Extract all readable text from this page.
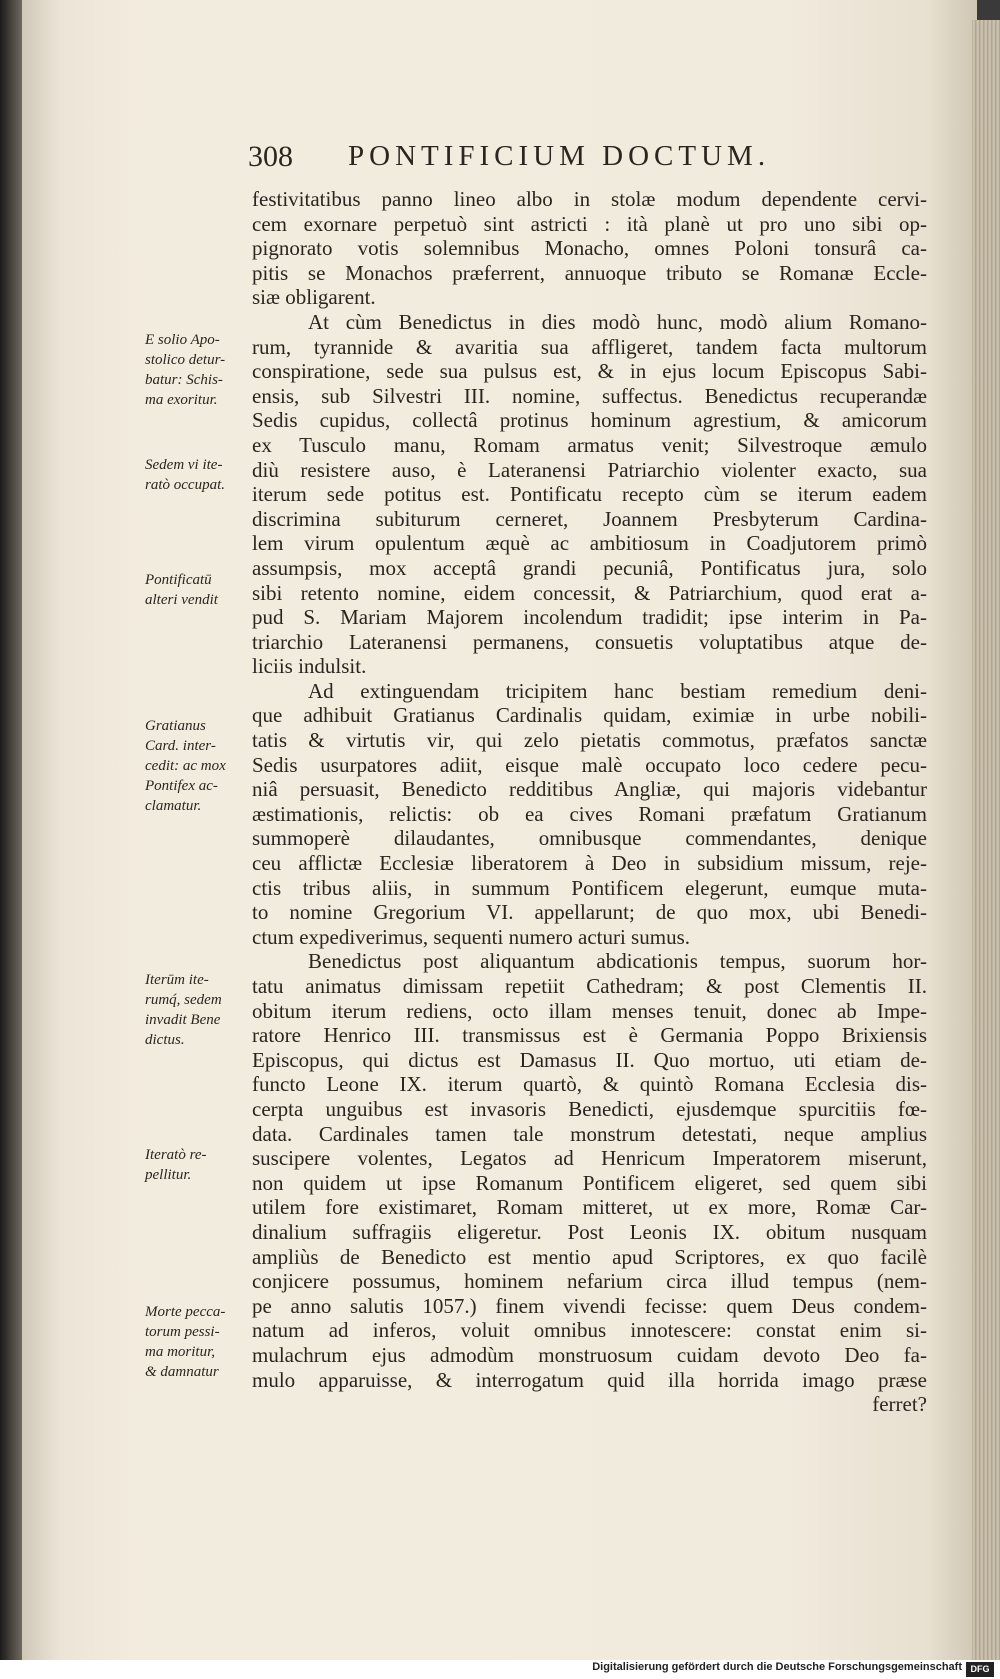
308 PONTIFICIUM DOCTUM.
E solio Apo-
stolico detur-
batur: Schis-
ma exoritur.
Sedem vi ite-
ratò occupat.
Pontificatū
alteri vendit
Gratianus
Card. inter-
cedit: ac mox
Pontifex ac-
clamatur.
Iterūm ite-
rumq́, sedem
invadit Bene
dictus.
Iteratò re-
pellitur.
Morte pecca-
torum pessi-
ma moritur,
& damnatur
festivitatibus panno lineo albo in stolæ modum dependente cervi-
cem exornare perpetuò sint astricti : ità planè ut pro uno sibi op-
pignorato votis solemnibus Monacho, omnes Poloni tonsurâ ca-
pitis se Monachos præferrent, annuoque tributo se Romanæ Eccle-
siæ obligarent.
At cùm Benedictus in dies modò hunc, modò alium Romano-
rum, tyrannide & avaritia sua affligeret, tandem facta multorum
conspiratione, sede sua pulsus est, & in ejus locum Episcopus Sabi-
ensis, sub Silvestri III. nomine, suffectus. Benedictus recuperandæ
Sedis cupidus, collectâ protinus hominum agrestium, & amicorum
ex Tusculo manu, Romam armatus venit; Silvestroque æmulo
diù resistere auso, è Lateranensi Patriarchio violenter exacto, sua
iterum sede potitus est. Pontificatu recepto cùm se iterum eadem
discrimina subiturum cerneret, Joannem Presbyterum Cardina-
lem virum opulentum æquè ac ambitiosum in Coadjutorem primò
assumpsis, mox acceptâ grandi pecuniâ, Pontificatus jura, solo
sibi retento nomine, eidem concessit, & Patriarchium, quod erat a-
pud S. Mariam Majorem incolendum tradidit; ipse interim in Pa-
triarchio Lateranensi permanens, consuetis voluptatibus atque de-
liciis indulsit.
Ad extinguendam tricipitem hanc bestiam remedium deni-
que adhibuit Gratianus Cardinalis quidam, eximiæ in urbe nobili-
tatis & virtutis vir, qui zelo pietatis commotus, præfatos sanctæ
Sedis usurpatores adiit, eisque malè occupato loco cedere pecu-
niâ persuasit, Benedicto redditibus Angliæ, qui majoris videbantur
æstimationis, relictis: ob ea cives Romani præfatum Gratianum
summoperè dilaudantes, omnibusque commendantes, denique
ceu afflictæ Ecclesiæ liberatorem à Deo in subsidium missum, reje-
ctis tribus aliis, in summum Pontificem elegerunt, eumque muta-
to nomine Gregorium VI. appellarunt; de quo mox, ubi Benedi-
ctum expediverimus, sequenti numero acturi sumus.
Benedictus post aliquantum abdicationis tempus, suorum hor-
tatu animatus dimissam repetiit Cathedram; & post Clementis II.
obitum iterum rediens, octo illam menses tenuit, donec ab Impe-
ratore Henrico III. transmissus est è Germania Poppo Brixiensis
Episcopus, qui dictus est Damasus II. Quo mortuo, uti etiam de-
functo Leone IX. iterum quartò, & quintò Romana Ecclesia dis-
cerpta unguibus est invasoris Benedicti, ejusdemque spurcitiis fœ-
data. Cardinales tamen tale monstrum detestati, neque amplius
suscipere volentes, Legatos ad Henricum Imperatorem miserunt,
non quidem ut ipse Romanum Pontificem eligeret, sed quem sibi
utilem fore existimaret, Romam mitteret, ut ex more, Romæ Car-
dinalium suffragiis eligeretur. Post Leonis IX. obitum nusquam
ampliùs de Benedicto est mentio apud Scriptores, ex quo facilè
conjicere possumus, hominem nefarium circa illud tempus (nem-
pe anno salutis 1057.) finem vivendi fecisse: quem Deus condem-
natum ad inferos, voluit omnibus innotescere: constat enim si-
mulachrum ejus admodùm monstruosum cuidam devoto Deo fa-
mulo apparuisse, & interrogatum quid illa horrida imago præse
ferret?
Digitalisierung gefördert durch die Deutsche Forschungsgemeinschaft DFG
